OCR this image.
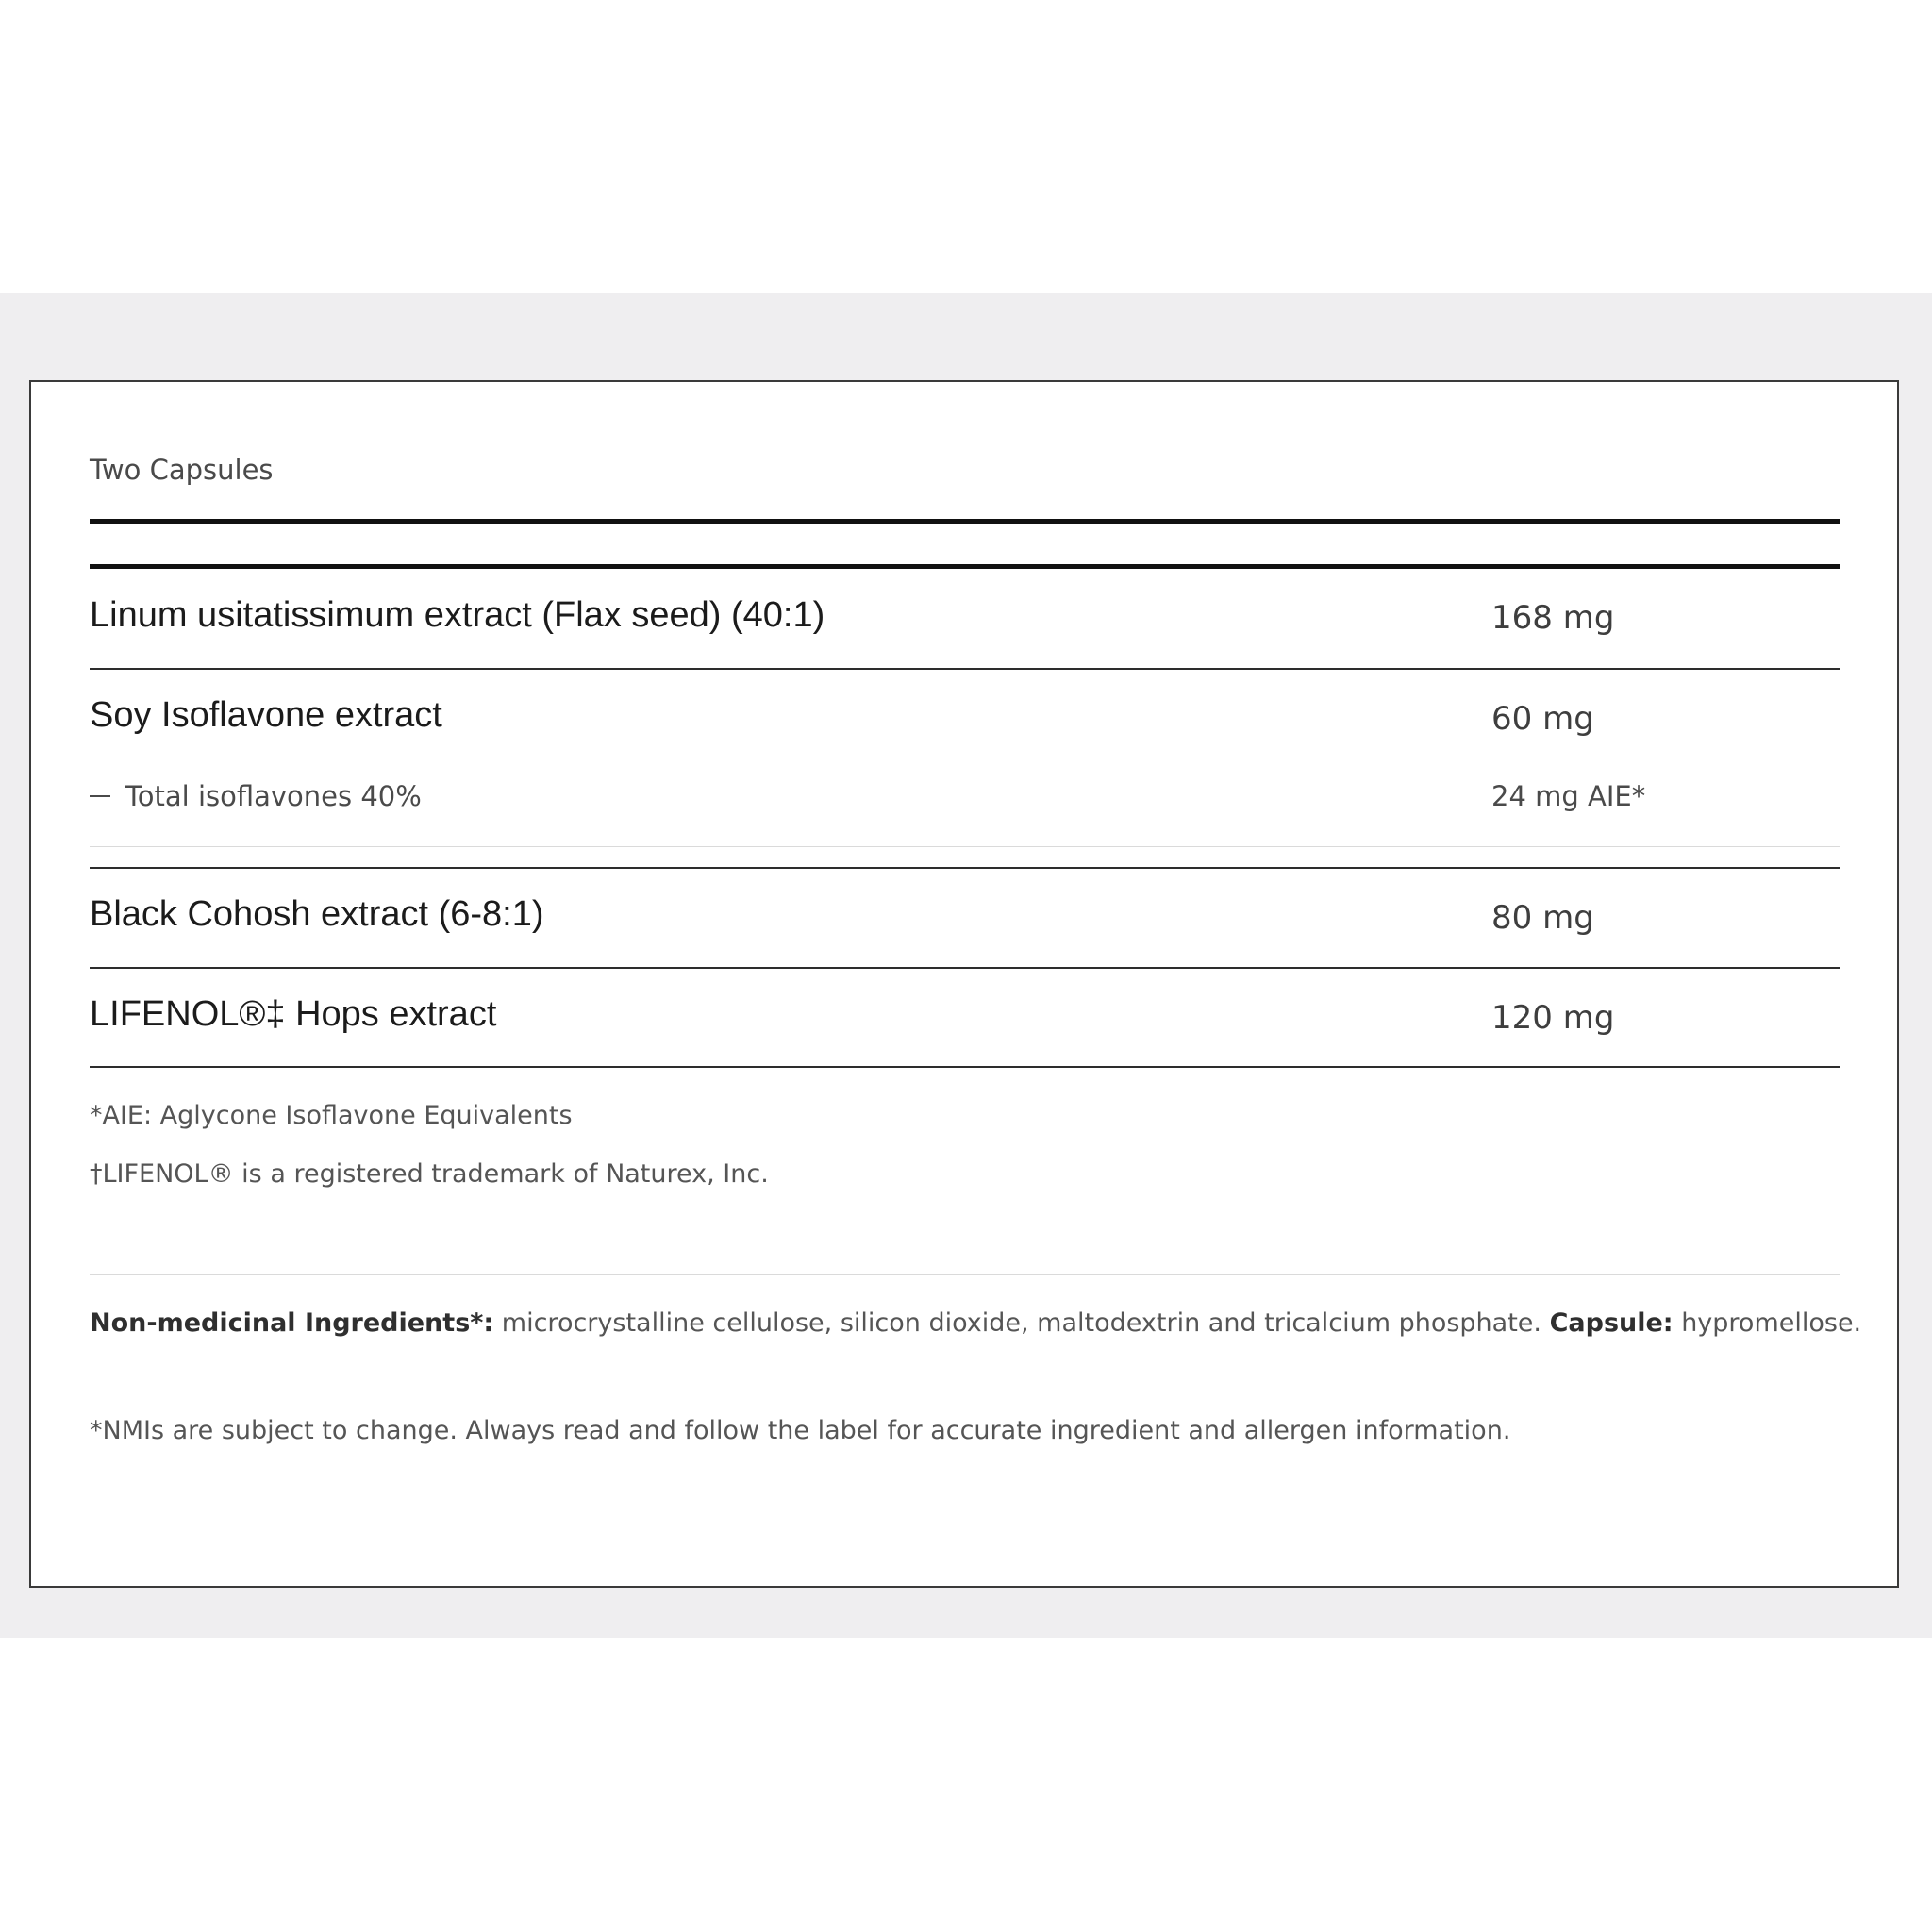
Two Capsules
Linum usitatissimum extract (Flax seed) (40:1)	168 mg
Soy Isoflavone extract	60 mg
Total isoflavones 40%	24 mg AIE*
Black Cohosh extract (6-8:1)	80 mg
LIFENOL®‡ Hops extract	120 mg
*AIE: Aglycone Isoflavone Equivalents
†LIFENOL® is a registered trademark of Naturex, Inc.
Non-medicinal Ingredients*: microcrystalline cellulose, silicon dioxide, maltodextrin and tricalcium phosphate. Capsule: hypromellose.
*NMIs are subject to change. Always read and follow the label for accurate ingredient and allergen information.
